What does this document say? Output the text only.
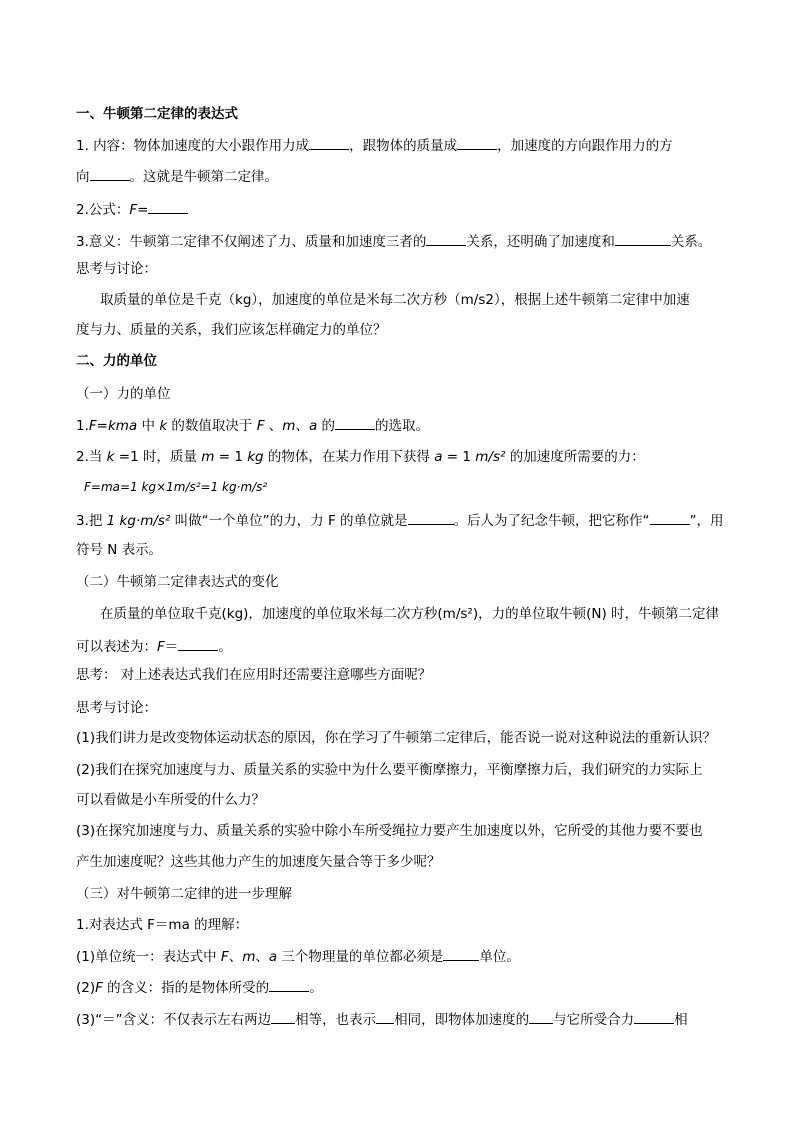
一、牛顿第二定律的表达式
1. 内容：物体加速度的大小跟作用力成	，跟物体的质量成	，加速度的方向跟作用力的方
向	。这就是牛顿第二定律。
2.公式：F=
3.意义：牛顿第二定律不仅阐述了力、质量和加速度三者的	关系，还明确了加速度和	关系。
思考与讨论：
取质量的单位是千克（kg），加速度的单位是米每二次方秒（m/s2），根据上述牛顿第二定律中加速
度与力、质量的关系，我们应该怎样确定力的单位？
二、力的单位
（一）力的单位
1.F=kma 中 k 的数值取决于 F 、m、a 的	的选取。
2.当 k =1 时，质量 m = 1 kg 的物体，在某力作用下获得 a = 1 m/s² 的加速度所需要的力：
F=ma=1 kg×1m/s²=1 kg·m/s²
3.把 1 kg·m/s² 叫做“一个单位”的力，力 F 的单位就是	。后人为了纪念牛顿，把它称作“	”，用
符号 N 表示。
（二）牛顿第二定律表达式的变化
在质量的单位取千克(kg)，加速度的单位取米每二次方秒(m/s²)，力的单位取牛顿(N) 时，牛顿第二定律
可以表述为：F＝	。
思考： 对上述表达式我们在应用时还需要注意哪些方面呢？
思考与讨论：
(1)我们讲力是改变物体运动状态的原因，你在学习了牛顿第二定律后，能否说一说对这种说法的重新认识？
(2)我们在探究加速度与力、质量关系的实验中为什么要平衡摩擦力，平衡摩擦力后，我们研究的力实际上
可以看做是小车所受的什么力？
(3)在探究加速度与力、质量关系的实验中除小车所受绳拉力要产生加速度以外，它所受的其他力要不要也
产生加速度呢？这些其他力产生的加速度矢量合等于多少呢？
（三）对牛顿第二定律的进一步理解
1.对表达式 F＝ma 的理解：
(1)单位统一：表达式中 F、m、a 三个物理量的单位都必须是	单位。
(2)F 的含义：指的是物体所受的	。
(3)“＝”含义：不仅表示左右两边 相等，也表示 相同，即物体加速度的 与它所受合力	相
